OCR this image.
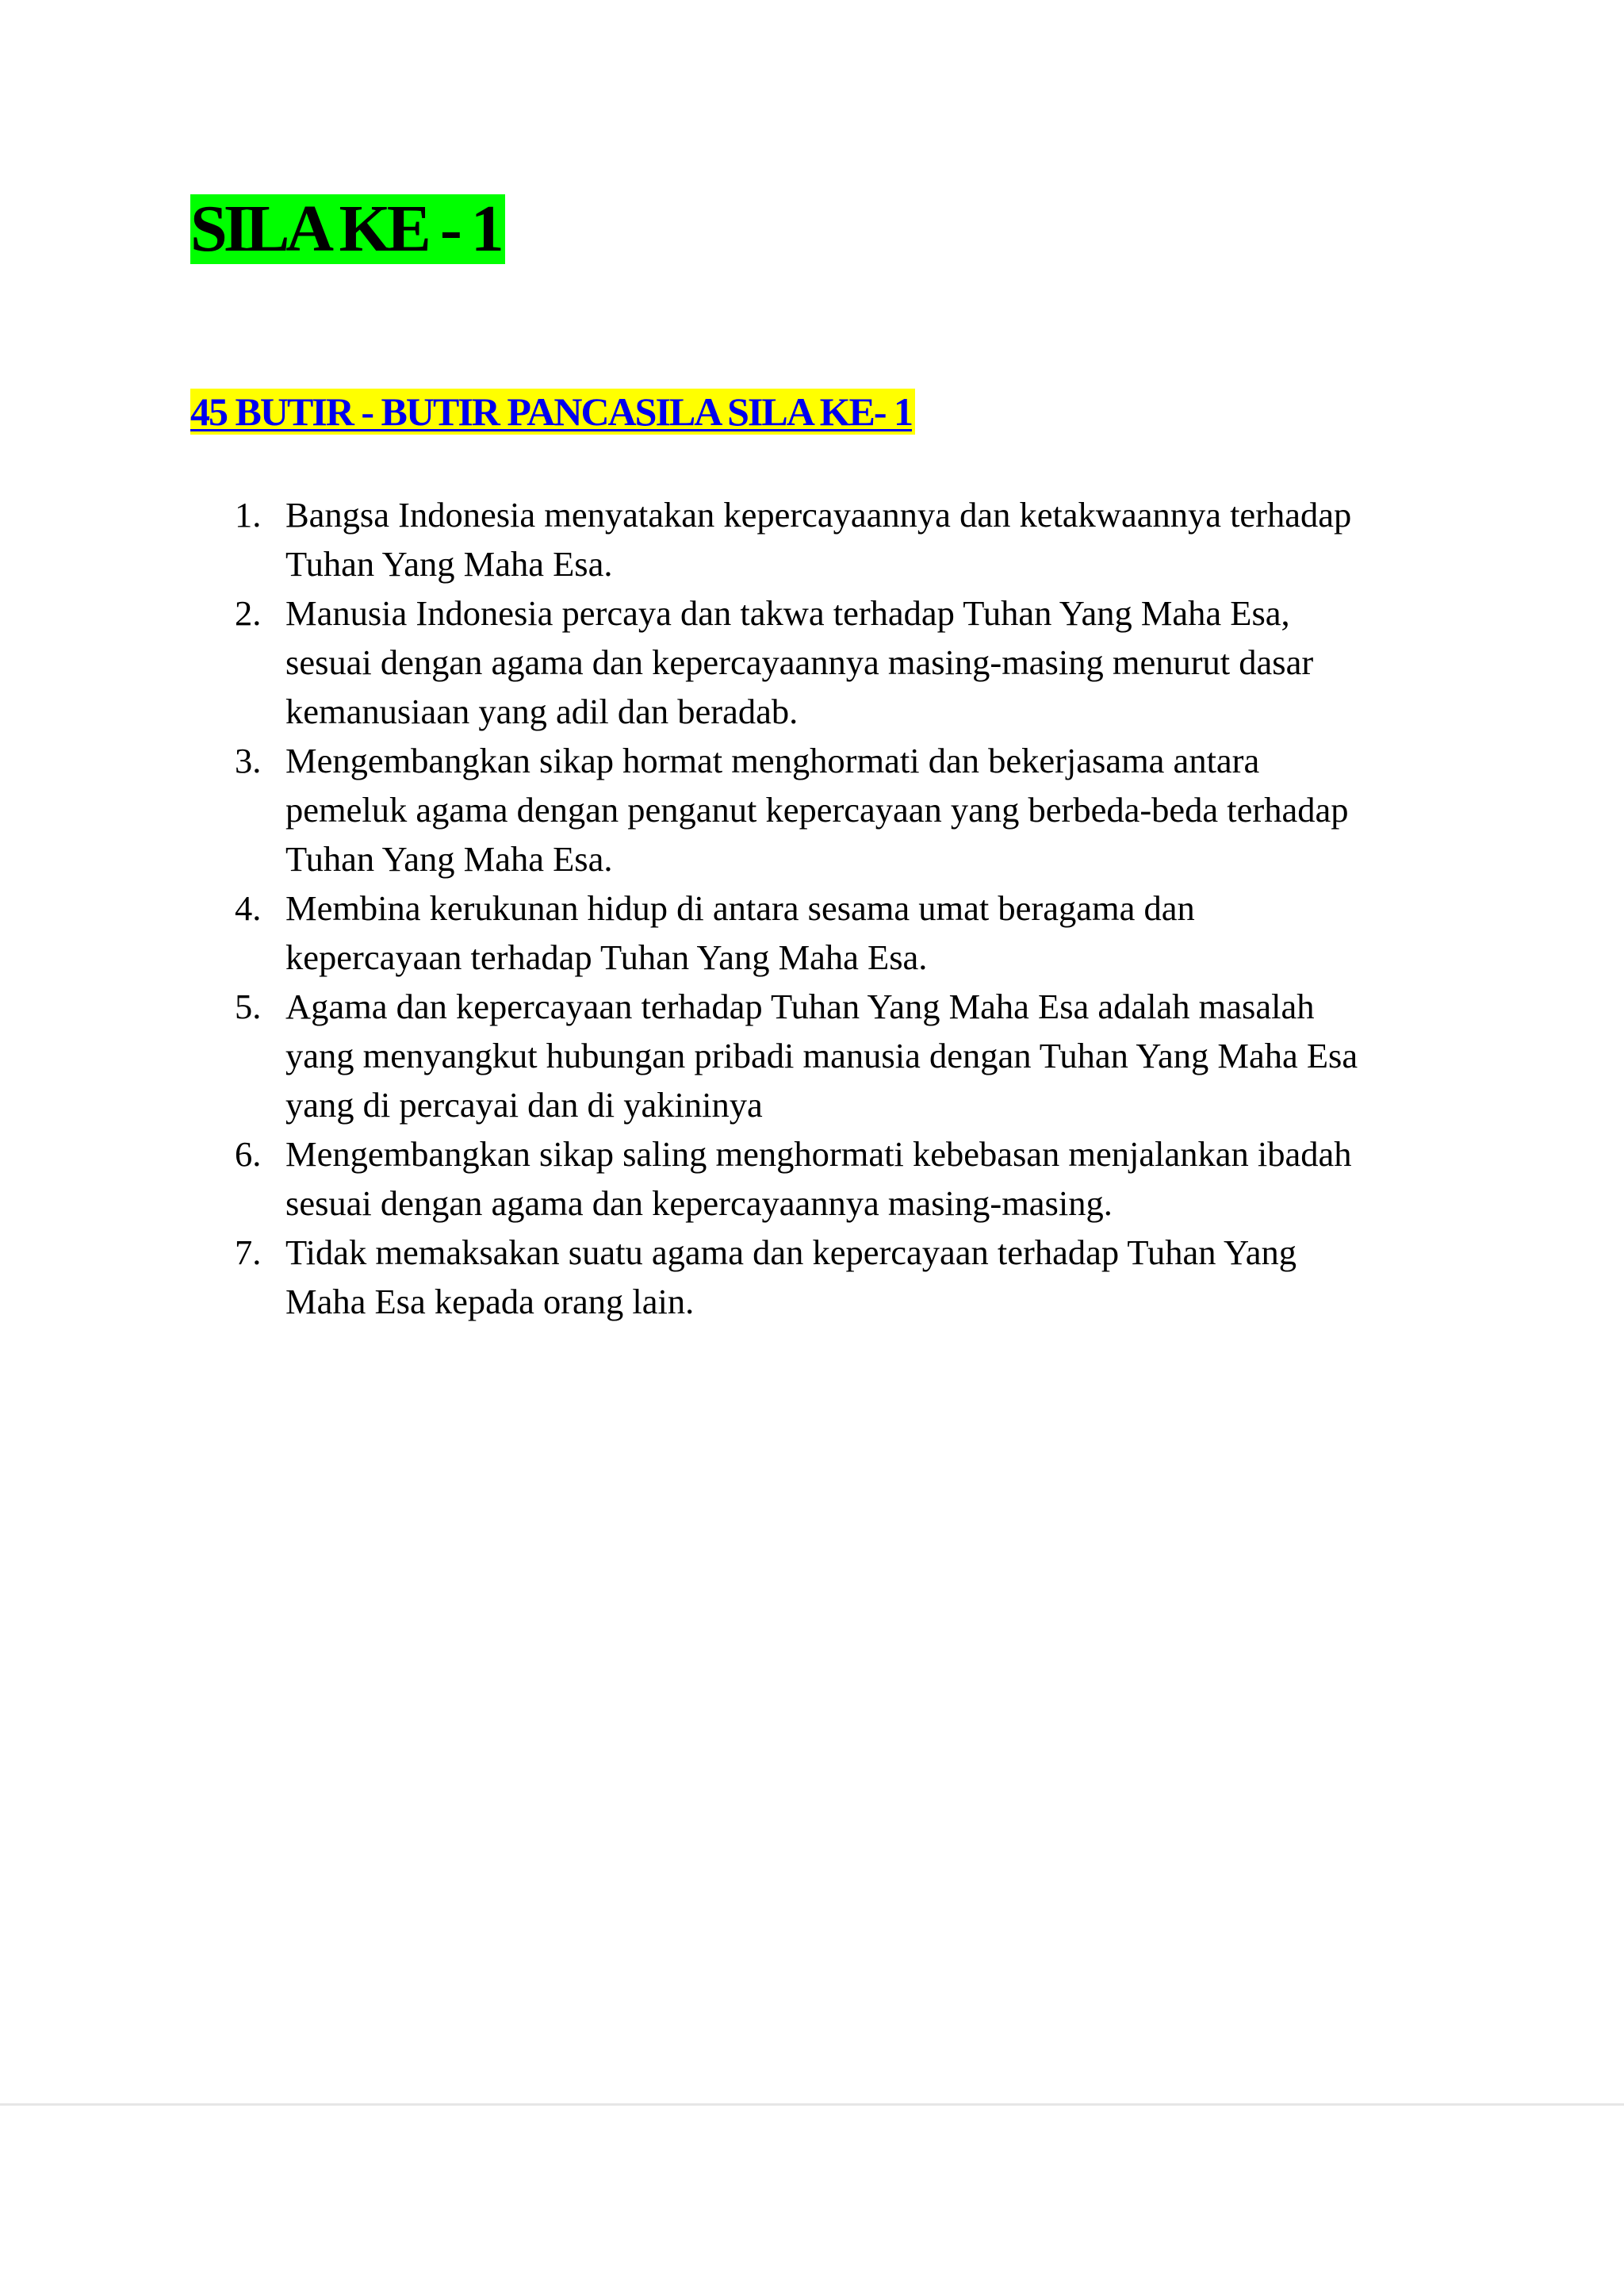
SILA KE - 1
45 BUTIR - BUTIR PANCASILA SILA KE- 1
1. Bangsa Indonesia menyatakan kepercayaannya dan ketakwaannya terhadap
Tuhan Yang Maha Esa.
2. Manusia Indonesia percaya dan takwa terhadap Tuhan Yang Maha Esa,
sesuai dengan agama dan kepercayaannya masing-masing menurut dasar
kemanusiaan yang adil dan beradab.
3. Mengembangkan sikap hormat menghormati dan bekerjasama antara
pemeluk agama dengan penganut kepercayaan yang berbeda-beda terhadap
Tuhan Yang Maha Esa.
4. Membina kerukunan hidup di antara sesama umat beragama dan
kepercayaan terhadap Tuhan Yang Maha Esa.
5. Agama dan kepercayaan terhadap Tuhan Yang Maha Esa adalah masalah
yang menyangkut hubungan pribadi manusia dengan Tuhan Yang Maha Esa
yang di percayai dan di yakininya
6. Mengembangkan sikap saling menghormati kebebasan menjalankan ibadah
sesuai dengan agama dan kepercayaannya masing-masing.
7. Tidak memaksakan suatu agama dan kepercayaan terhadap Tuhan Yang
Maha Esa kepada orang lain.
